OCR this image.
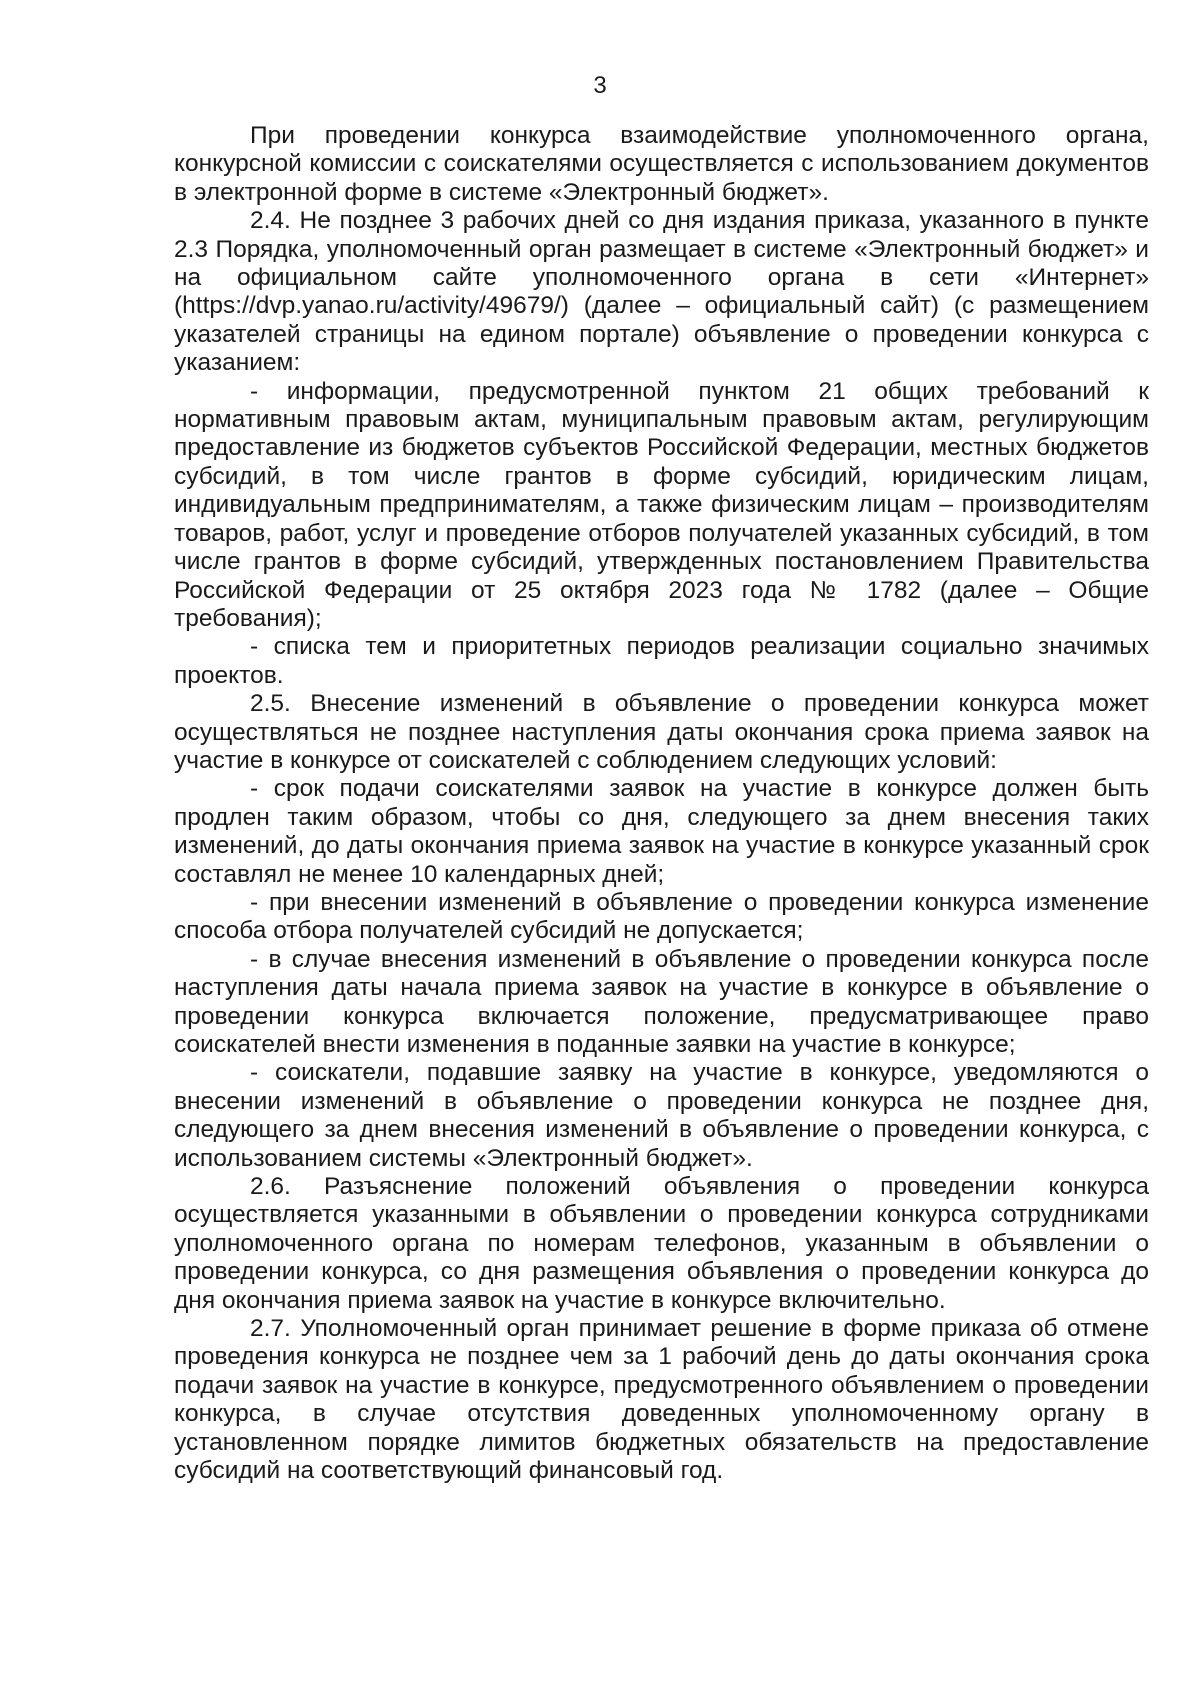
3

При проведении конкурса взаимодействие уполномоченного органа, конкурсной комиссии с соискателями осуществляется с использованием документов в электронной форме в системе «Электронный бюджет».

2.4. Не позднее 3 рабочих дней со дня издания приказа, указанного в пункте 2.3 Порядка, уполномоченный орган размещает в системе «Электронный бюджет» и на официальном сайте уполномоченного органа в сети «Интернет» (https://dvp.yanao.ru/activity/49679/) (далее – официальный сайт) (с размещением указателей страницы на едином портале) объявление о проведении конкурса с указанием:

- информации, предусмотренной пунктом 21 общих требований к нормативным правовым актам, муниципальным правовым актам, регулирующим предоставление из бюджетов субъектов Российской Федерации, местных бюджетов субсидий, в том числе грантов в форме субсидий, юридическим лицам, индивидуальным предпринимателям, а также физическим лицам – производителям товаров, работ, услуг и проведение отборов получателей указанных субсидий, в том числе грантов в форме субсидий, утвержденных постановлением Правительства Российской Федерации от 25 октября 2023 года № 1782 (далее – Общие требования);

- списка тем и приоритетных периодов реализации социально значимых проектов.

2.5. Внесение изменений в объявление о проведении конкурса может осуществляться не позднее наступления даты окончания срока приема заявок на участие в конкурсе от соискателей с соблюдением следующих условий:

- срок подачи соискателями заявок на участие в конкурсе должен быть продлен таким образом, чтобы со дня, следующего за днем внесения таких изменений, до даты окончания приема заявок на участие в конкурсе указанный срок составлял не менее 10 календарных дней;

- при внесении изменений в объявление о проведении конкурса изменение способа отбора получателей субсидий не допускается;

- в случае внесения изменений в объявление о проведении конкурса после наступления даты начала приема заявок на участие в конкурсе в объявление о проведении конкурса включается положение, предусматривающее право соискателей внести изменения в поданные заявки на участие в конкурсе;

- соискатели, подавшие заявку на участие в конкурсе, уведомляются о внесении изменений в объявление о проведении конкурса не позднее дня, следующего за днем внесения изменений в объявление о проведении конкурса, с использованием системы «Электронный бюджет».

2.6. Разъяснение положений объявления о проведении конкурса осуществляется указанными в объявлении о проведении конкурса сотрудниками уполномоченного органа по номерам телефонов, указанным в объявлении о проведении конкурса, со дня размещения объявления о проведении конкурса до дня окончания приема заявок на участие в конкурсе включительно.

2.7. Уполномоченный орган принимает решение в форме приказа об отмене проведения конкурса не позднее чем за 1 рабочий день до даты окончания срока подачи заявок на участие в конкурсе, предусмотренного объявлением о проведении конкурса, в случае отсутствия доведенных уполномоченному органу в установленном порядке лимитов бюджетных обязательств на предоставление субсидий на соответствующий финансовый год.
